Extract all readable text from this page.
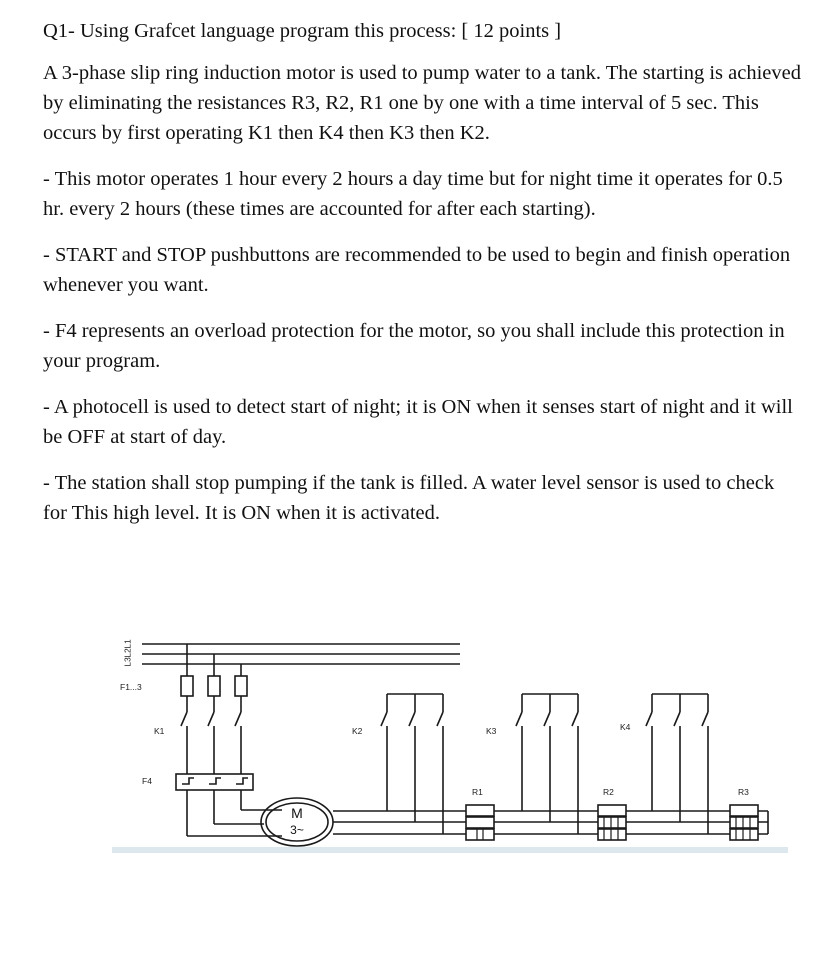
Q1- Using Grafcet language program this process: [ 12 points ]

A 3-phase slip ring induction motor is used to pump water to a tank. The starting is achieved by eliminating the resistances R3, R2, R1 one by one with a time interval of 5 sec. This occurs by first operating K1 then K4 then K3 then K2.

- This motor operates 1 hour every 2 hours a day time but for night time it operates for 0.5 hr. every 2 hours (these times are accounted for after each starting).

- START and STOP pushbuttons are recommended to be used to begin and finish operation whenever you want.

- F4 represents an overload protection for the motor, so you shall include this protection in your program.

- A photocell is used to detect start of night; it is ON when it senses start of night and it will be OFF at start of day.

- The station shall stop pumping if the tank is filled. A water level sensor is used to check for This high level. It is ON when it is activated.

L1
L2
L3
F1...3
K1	K2	K3	K4
F4
R1	R2	R3
M
3~
